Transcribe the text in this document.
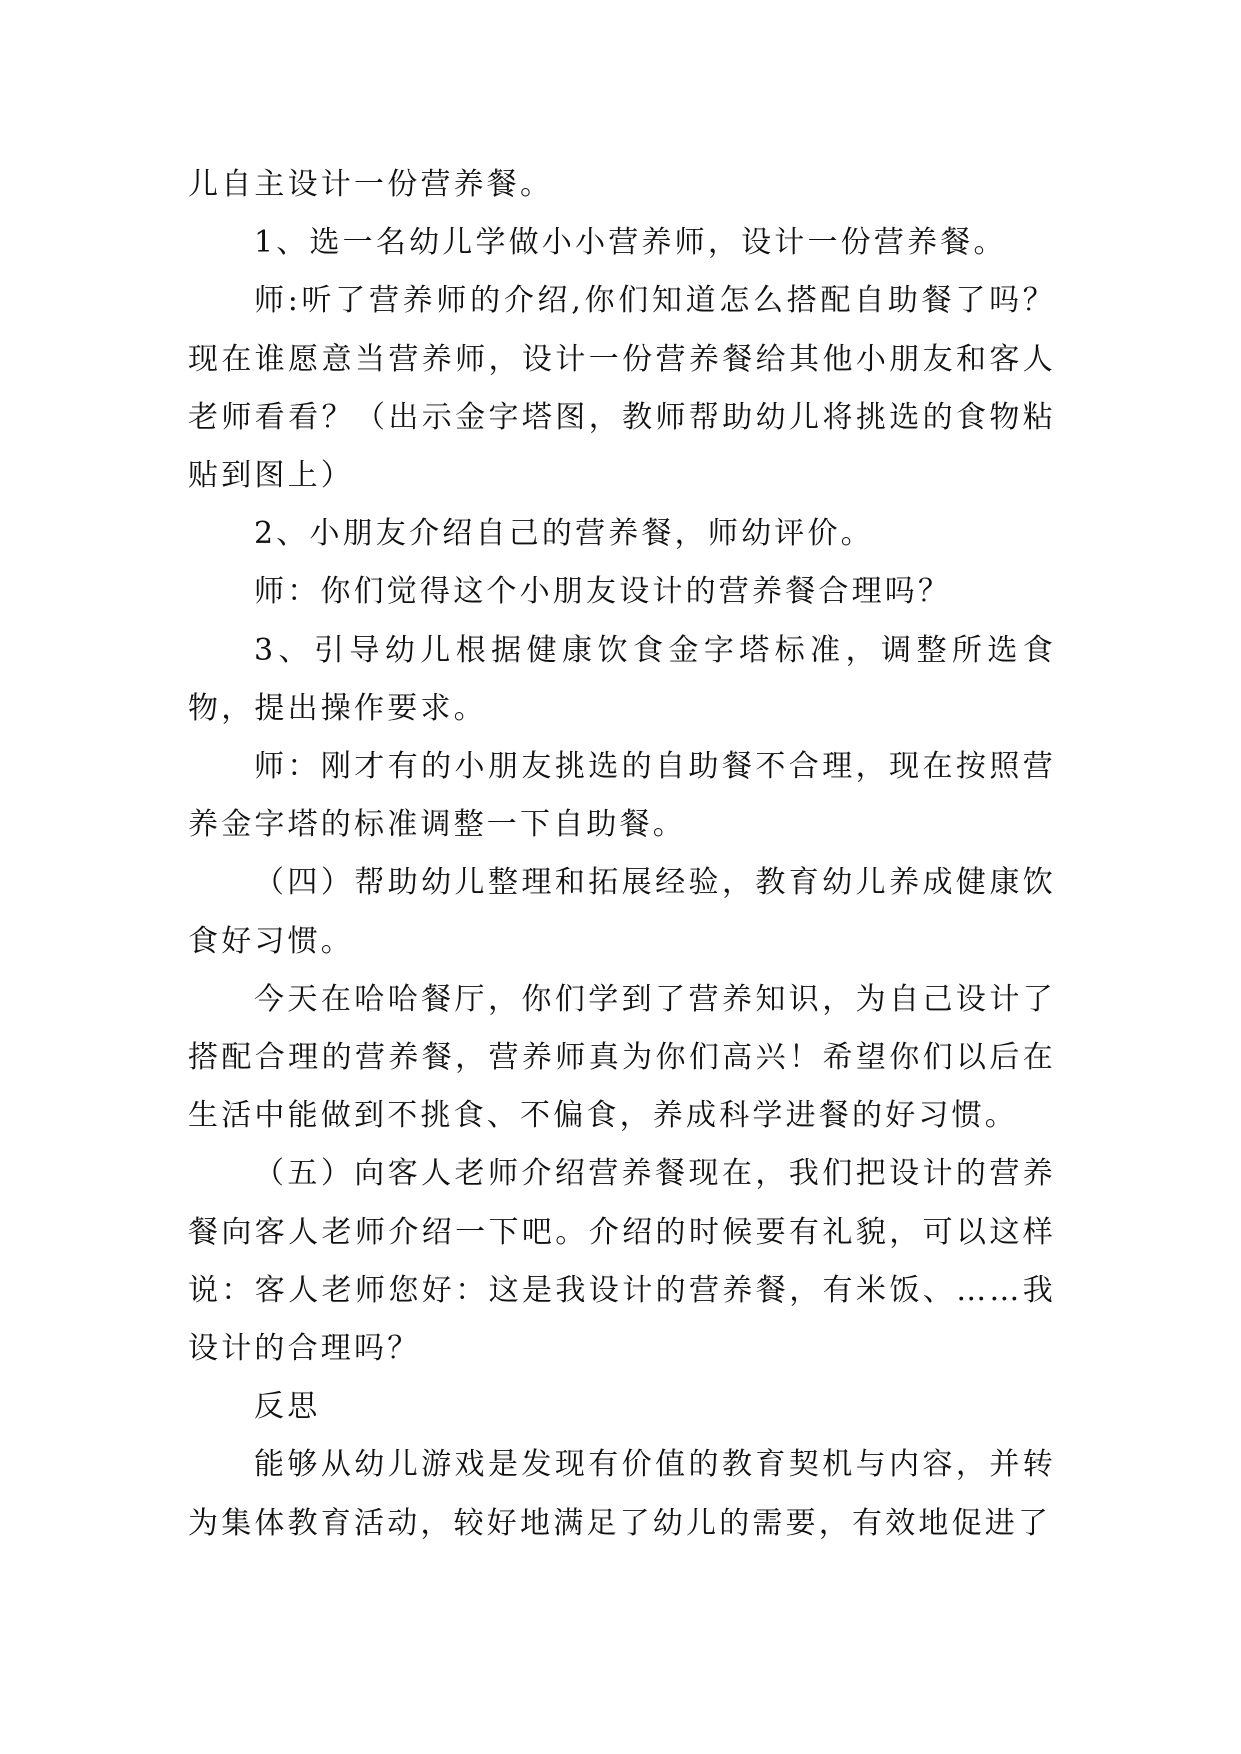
儿自主设计一份营养餐。

1、选一名幼儿学做小小营养师，设计一份营养餐。

师:听了营养师的介绍,你们知道怎么搭配自助餐了吗？现在谁愿意当营养师，设计一份营养餐给其他小朋友和客人老师看看？（出示金字塔图，教师帮助幼儿将挑选的食物粘贴到图上）

2、小朋友介绍自己的营养餐，师幼评价。

师：你们觉得这个小朋友设计的营养餐合理吗？

3、引导幼儿根据健康饮食金字塔标准，调整所选食物，提出操作要求。

师：刚才有的小朋友挑选的自助餐不合理，现在按照营养金字塔的标准调整一下自助餐。

（四）帮助幼儿整理和拓展经验，教育幼儿养成健康饮食好习惯。

今天在哈哈餐厅，你们学到了营养知识，为自己设计了搭配合理的营养餐，营养师真为你们高兴！希望你们以后在生活中能做到不挑食、不偏食，养成科学进餐的好习惯。

（五）向客人老师介绍营养餐现在，我们把设计的营养餐向客人老师介绍一下吧。介绍的时候要有礼貌，可以这样说：客人老师您好：这是我设计的营养餐，有米饭、……我设计的合理吗？

反思

能够从幼儿游戏是发现有价值的教育契机与内容，并转为集体教育活动，较好地满足了幼儿的需要，有效地促进了
